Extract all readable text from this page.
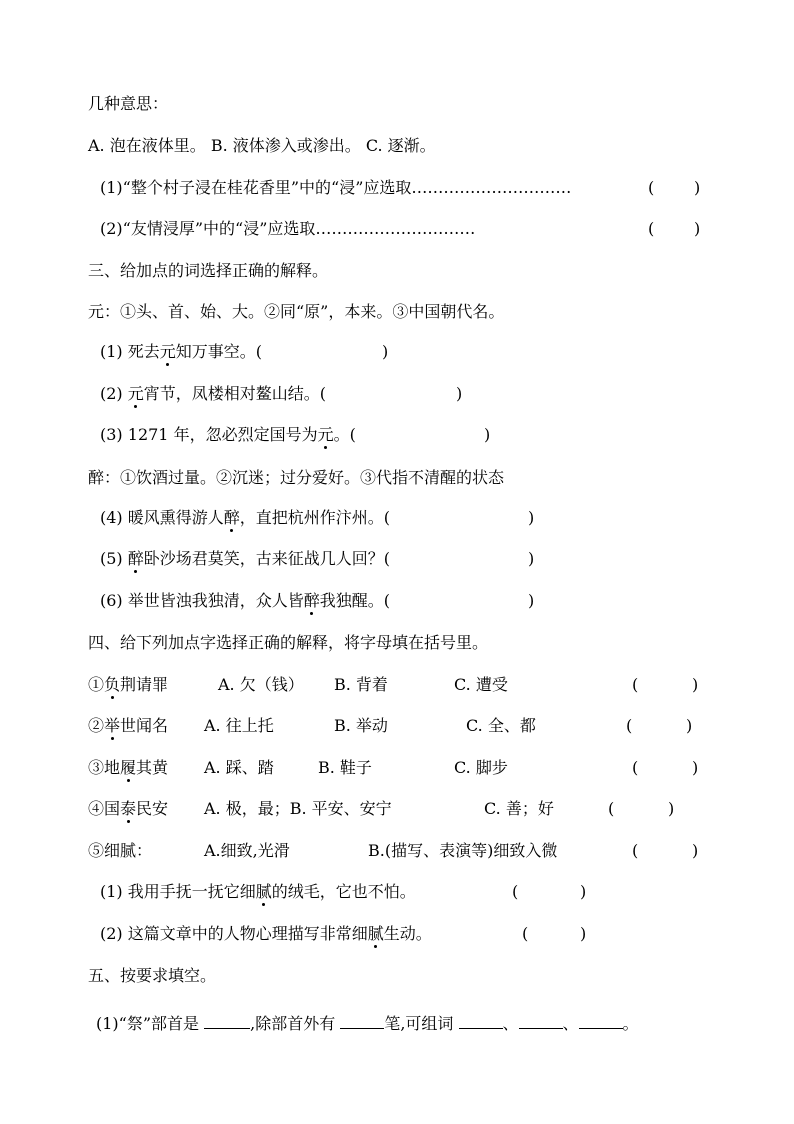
几种意思：
A. 泡在液体里。 B. 液体渗入或渗出。 C. 逐渐。
(1)“整个村子浸在桂花香里”中的“浸”应选取…………………………	( )
(2)“友情浸厚”中的“浸”应选取…………………………	( )
三、给加点的词选择正确的解释。
元：①头、首、始、大。②同“原”，本来。③中国朝代名。
(1) 死去元知万事空。(	)
(2) 元宵节，凤楼相对鳌山结。(	)
(3) 1271 年，忽必烈定国号为元。(	)
醉：①饮酒过量。②沉迷；过分爱好。③代指不清醒的状态
(4) 暖风熏得游人醉，直把杭州作汴州。(	)
(5) 醉卧沙场君莫笑，古来征战几人回？(	)
(6) 举世皆浊我独清，众人皆醉我独醒。(	)
四、给下列加点字选择正确的解释，将字母填在括号里。
①负荆请罪	A. 欠（钱） B. 背着	C. 遭受	(	)
②举世闻名 A. 往上托	B. 举动	C. 全、都	(	)
③地履其黄 A. 踩、踏	B. 鞋子	C. 脚步	(	)
④国泰民安 A. 极，最；B. 平安、安宁	C. 善；好	(	)
⑤细腻：	A.细致,光滑	B.(描写、表演等)细致入微	(	)
(1) 我用手抚一抚它细腻的绒毛，它也不怕。	(	)
(2) 这篇文章中的人物心理描写非常细腻生动。	(	)
五、按要求填空。
(1)“祭”部首是	,除部首外有	笔,可组词	、	、	。
